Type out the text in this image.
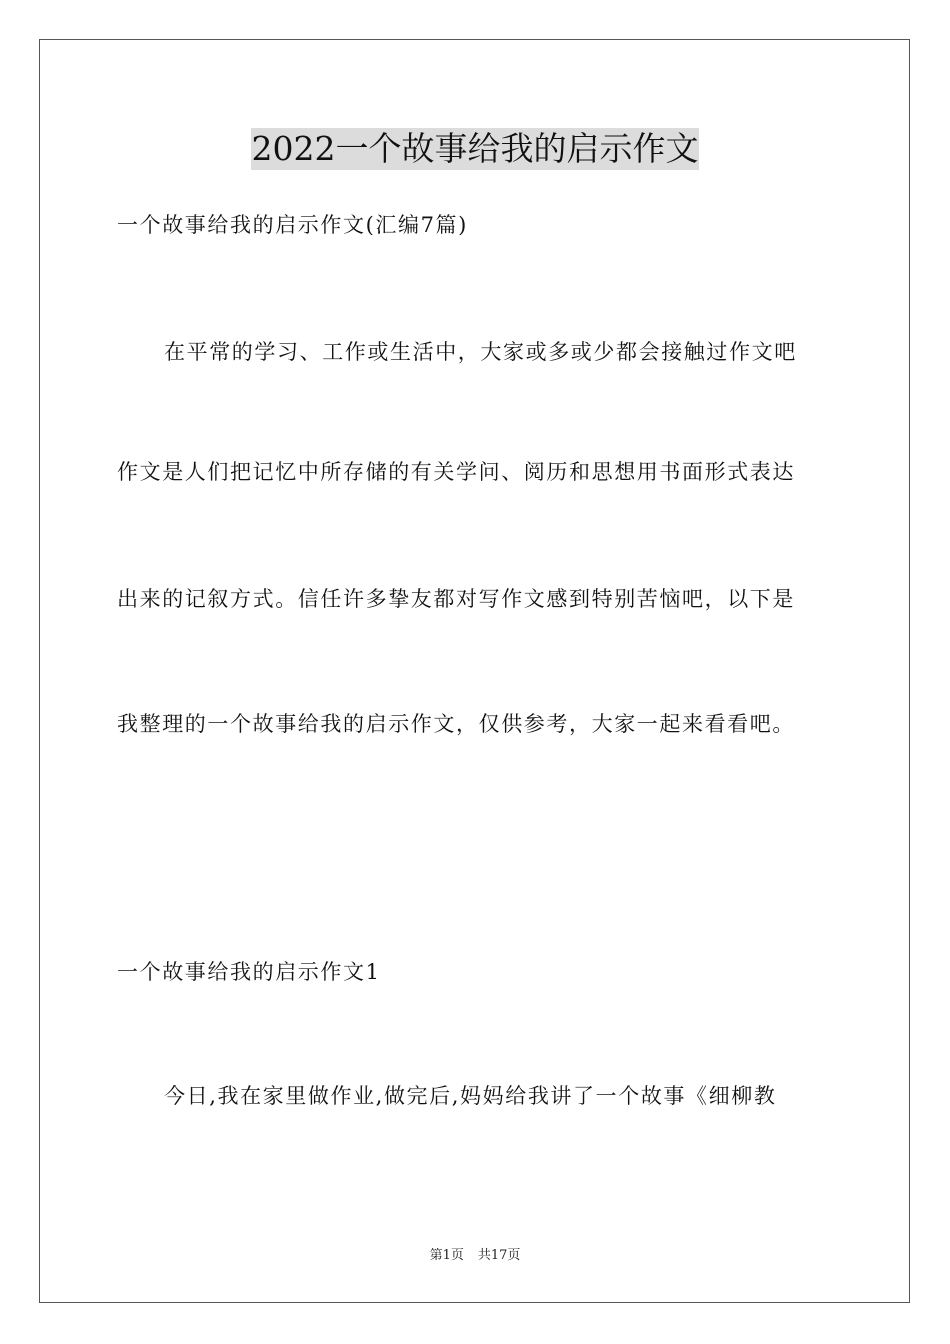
2022一个故事给我的启示作文
一个故事给我的启示作文(汇编7篇)
在平常的学习、工作或生活中，大家或多或少都会接触过作文吧
作文是人们把记忆中所存储的有关学问、阅历和思想用书面形式表达
出来的记叙方式。信任许多挚友都对写作文感到特别苦恼吧，以下是
我整理的一个故事给我的启示作文，仅供参考，大家一起来看看吧。
一个故事给我的启示作文1
今日,我在家里做作业,做完后,妈妈给我讲了一个故事《细柳教
第1页 共17页
